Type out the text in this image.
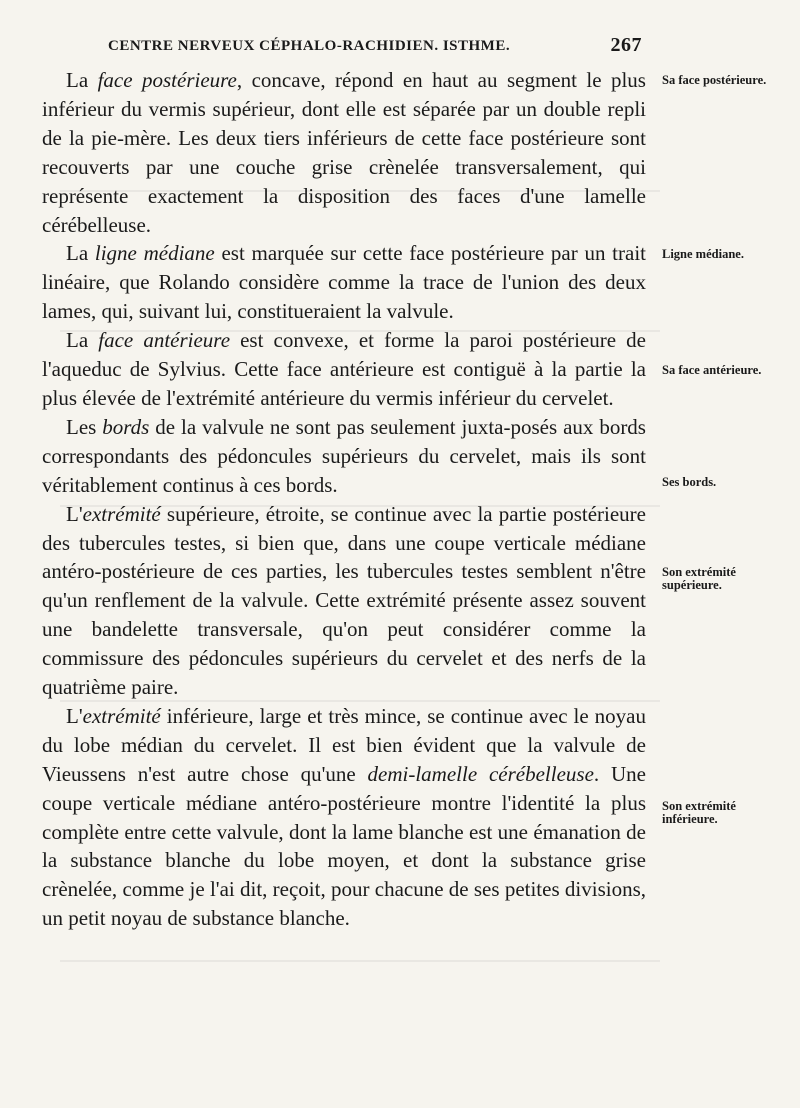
CENTRE NERVEUX CÉPHALO-RACHIDIEN. ISTHME.	267

La face postérieure, concave, répond en haut au segment le plus inférieur du vermis supérieur, dont elle est séparée par un double repli de la pie-mère. Les deux tiers inférieurs de cette face postérieure sont recouverts par une couche grise crènelée transversalement, qui représente exactement la disposition des faces d'une lamelle cérébelleuse.

La ligne médiane est marquée sur cette face postérieure par un trait linéaire, que Rolando considère comme la trace de l'union des deux lames, qui, suivant lui, constitueraient la valvule.

La face antérieure est convexe, et forme la paroi postérieure de l'aqueduc de Sylvius. Cette face antérieure est contiguë à la partie la plus élevée de l'extrémité antérieure du vermis inférieur du cervelet.

Les bords de la valvule ne sont pas seulement juxta-posés aux bords correspondants des pédoncules supérieurs du cervelet, mais ils sont véritablement continus à ces bords.

L'extrémité supérieure, étroite, se continue avec la partie postérieure des tubercules testes, si bien que, dans une coupe verticale médiane antéro-postérieure de ces parties, les tubercules testes semblent n'être qu'un renflement de la valvule. Cette extrémité présente assez souvent une bandelette transversale, qu'on peut considérer comme la commissure des pédoncules supérieurs du cervelet et des nerfs de la quatrième paire.

L'extrémité inférieure, large et très mince, se continue avec le noyau du lobe médian du cervelet. Il est bien évident que la valvule de Vieussens n'est autre chose qu'une demi-lamelle cérébelleuse. Une coupe verticale médiane antéro-postérieure montre l'identité la plus complète entre cette valvule, dont la lame blanche est une émanation de la substance blanche du lobe moyen, et dont la substance grise crènelée, comme je l'ai dit, reçoit, pour chacune de ses petites divisions, un petit noyau de substance blanche.

Sa face postérieure.
Ligne médiane.
Sa face antérieure.
Ses bords.
Son extrémité supérieure.
Son extrémité inférieure.
